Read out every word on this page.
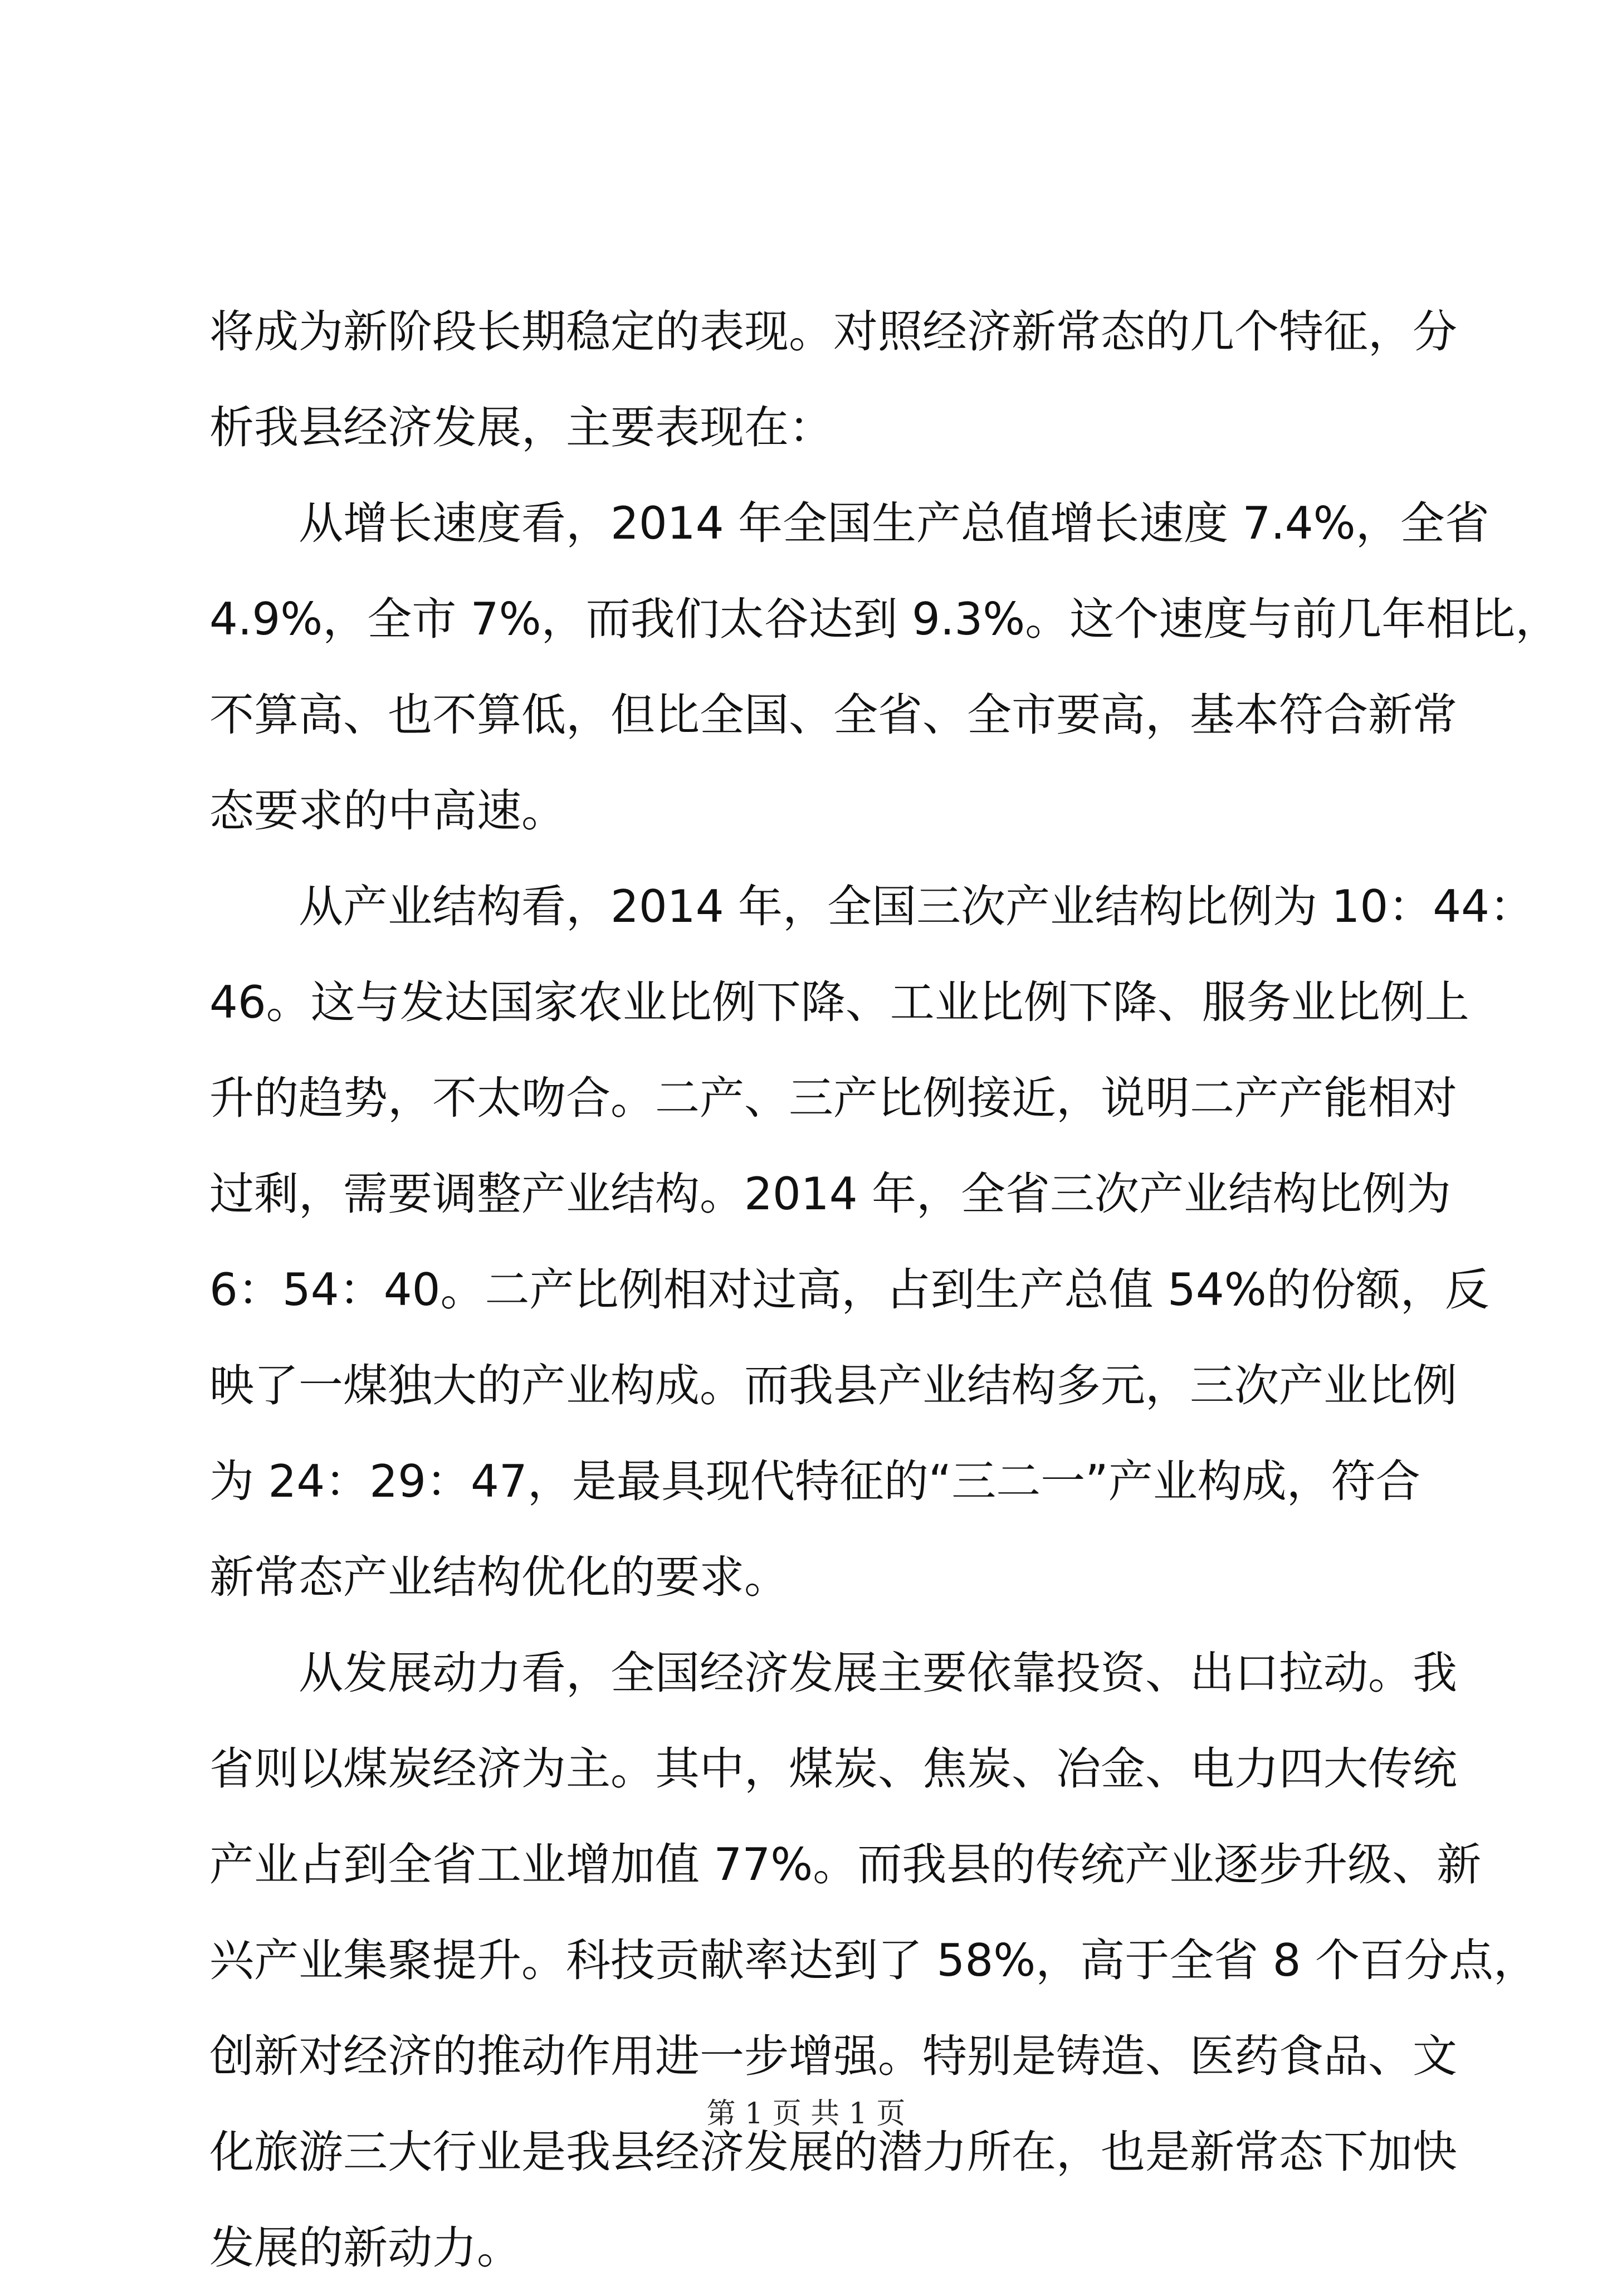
将成为新阶段长期稳定的表现。对照经济新常态的几个特征，分
析我县经济发展，主要表现在：
从增长速度看，2014 年全国生产总值增长速度 7.4%，全省
4.9%，全市 7%，而我们太谷达到 9.3%。这个速度与前几年相比，
不算高、也不算低，但比全国、全省、全市要高，基本符合新常
态要求的中高速。
从产业结构看，2014 年，全国三次产业结构比例为 10：44：
46。这与发达国家农业比例下降、工业比例下降、服务业比例上
升的趋势，不太吻合。二产、三产比例接近，说明二产产能相对
过剩，需要调整产业结构。2014 年，全省三次产业结构比例为
6：54：40。二产比例相对过高，占到生产总值 54%的份额，反
映了一煤独大的产业构成。而我县产业结构多元，三次产业比例
为 24：29：47，是最具现代特征的“三二一”产业构成，符合
新常态产业结构优化的要求。
从发展动力看，全国经济发展主要依靠投资、出口拉动。我
省则以煤炭经济为主。其中，煤炭、焦炭、冶金、电力四大传统
产业占到全省工业增加值 77%。而我县的传统产业逐步升级、新
兴产业集聚提升。科技贡献率达到了 58%，高于全省 8 个百分点，
创新对经济的推动作用进一步增强。特别是铸造、医药食品、文
化旅游三大行业是我县经济发展的潜力所在，也是新常态下加快
发展的新动力。
第 1 页 共 1 页
